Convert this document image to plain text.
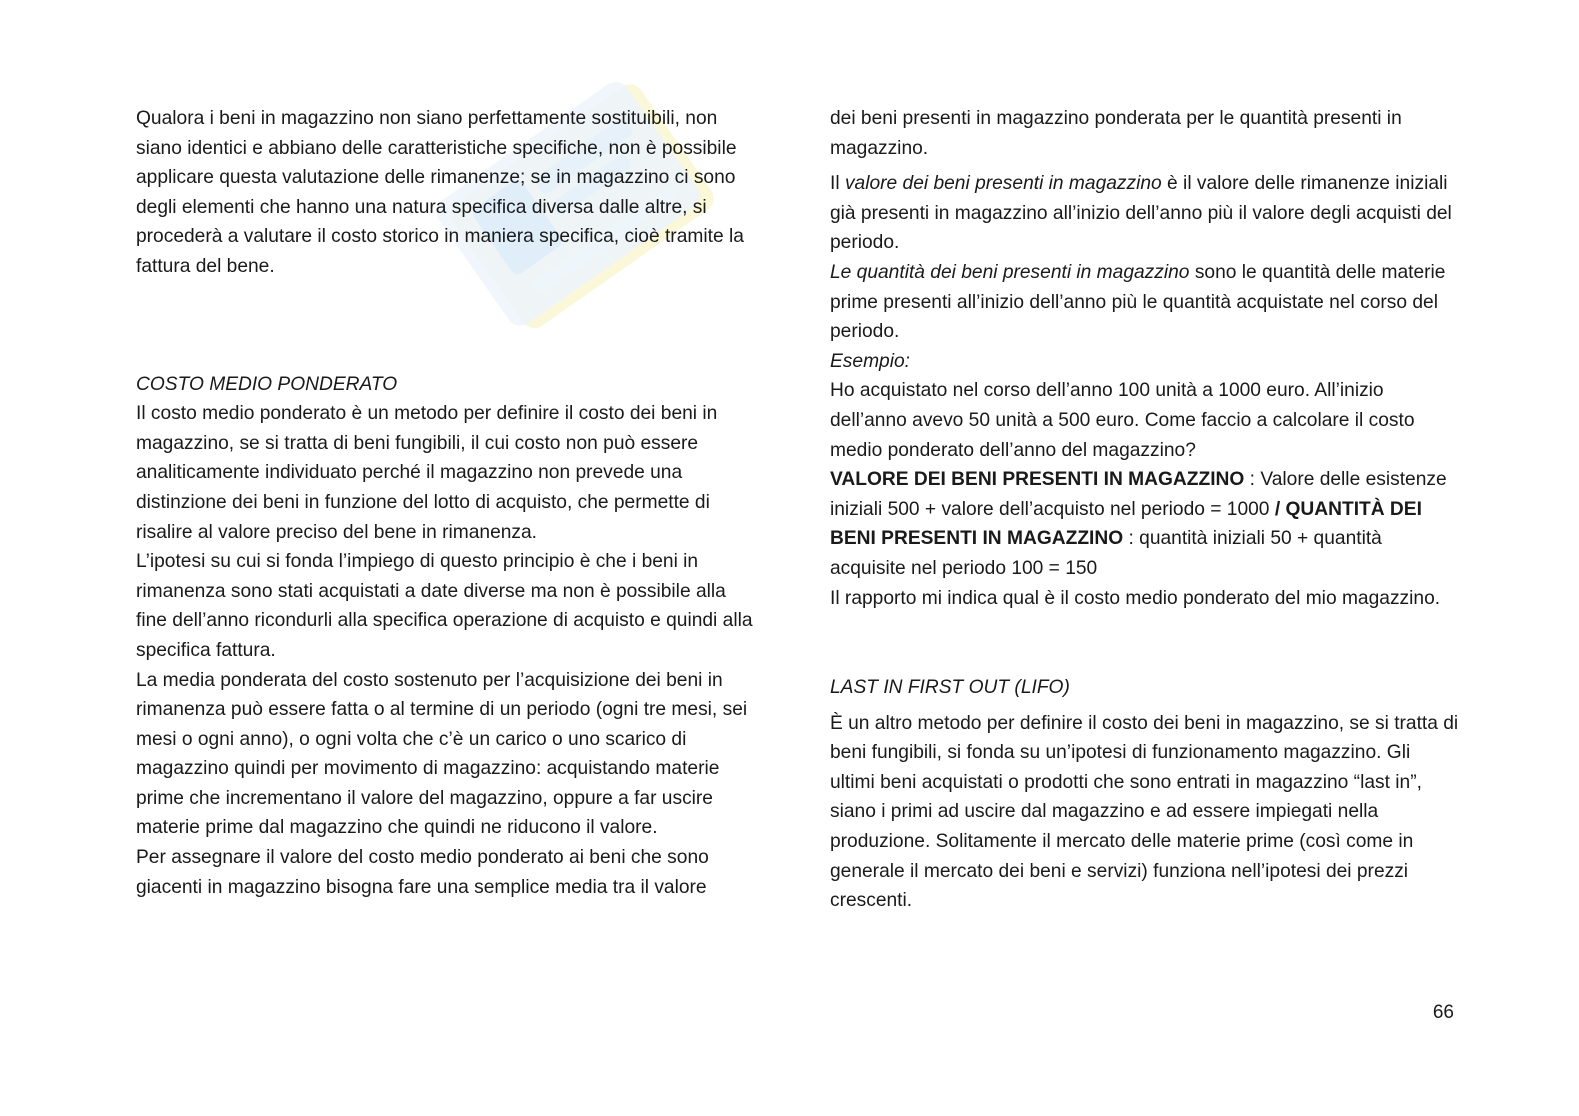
Qualora i beni in magazzino non siano perfettamente sostituibili, non siano identici e abbiano delle caratteristiche specifiche, non è possibile applicare questa valutazione delle rimanenze; se in magazzino ci sono degli elementi che hanno una natura specifica diversa dalle altre, si procederà a valutare il costo storico in maniera specifica, cioè tramite la fattura del bene.

COSTO MEDIO PONDERATO

Il costo medio ponderato è un metodo per definire il costo dei beni in magazzino, se si tratta di beni fungibili, il cui costo non può essere analiticamente individuato perché il magazzino non prevede una distinzione dei beni in funzione del lotto di acquisto, che permette di risalire al valore preciso del bene in rimanenza.

L’ipotesi su cui si fonda l’impiego di questo principio è che i beni in rimanenza sono stati acquistati a date diverse ma non è possibile alla fine dell’anno ricondurli alla specifica operazione di acquisto e quindi alla specifica fattura.

La media ponderata del costo sostenuto per l’acquisizione dei beni in rimanenza può essere fatta o al termine di un periodo (ogni tre mesi, sei mesi o ogni anno), o ogni volta che c’è un carico o uno scarico di magazzino quindi per movimento di magazzino: acquistando materie prime che incrementano il valore del magazzino, oppure a far uscire materie prime dal magazzino che quindi ne riducono il valore.

Per assegnare il valore del costo medio ponderato ai beni che sono giacenti in magazzino bisogna fare una semplice media tra il valore

dei beni presenti in magazzino ponderata per le quantità presenti in magazzino.

Il valore dei beni presenti in magazzino è il valore delle rimanenze iniziali già presenti in magazzino all’inizio dell’anno più il valore degli acquisti del periodo.

Le quantità dei beni presenti in magazzino sono le quantità delle materie prime presenti all’inizio dell’anno più le quantità acquistate nel corso del periodo.

Esempio:

Ho acquistato nel corso dell’anno 100 unità a 1000 euro. All’inizio dell’anno avevo 50 unità a 500 euro. Come faccio a calcolare il costo medio ponderato dell’anno del magazzino?

VALORE DEI BENI PRESENTI IN MAGAZZINO : Valore delle esistenze iniziali 500 + valore dell’acquisto nel periodo = 1000 / QUANTITÀ DEI BENI PRESENTI IN MAGAZZINO : quantità iniziali 50 + quantità acquisite nel periodo 100 = 150

Il rapporto mi indica qual è il costo medio ponderato del mio magazzino.

LAST IN FIRST OUT (LIFO)

È un altro metodo per definire il costo dei beni in magazzino, se si tratta di beni fungibili, si fonda su un’ipotesi di funzionamento magazzino. Gli ultimi beni acquistati o prodotti che sono entrati in magazzino “last in”, siano i primi ad uscire dal magazzino e ad essere impiegati nella produzione. Solitamente il mercato delle materie prime (così come in generale il mercato dei beni e servizi) funziona nell’ipotesi dei prezzi crescenti.

66
